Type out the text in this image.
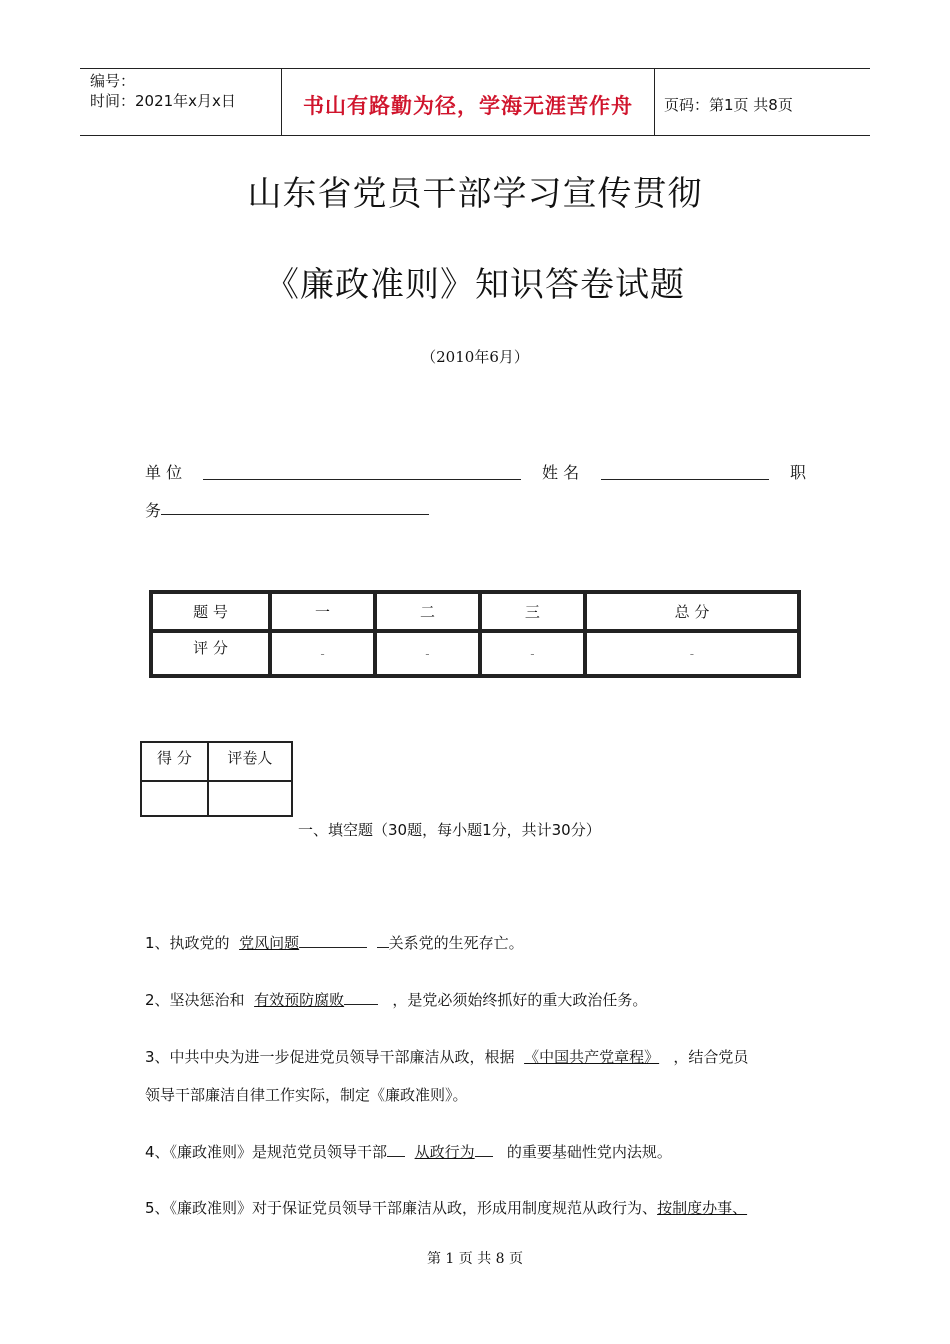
编号：
时间：2021年x月x日	书山有路勤为径，学海无涯苦作舟	页码：第1页 共8页
山东省党员干部学习宣传贯彻
《廉政准则》知识答卷试题
（2010年6月）
单 位	姓 名	职
务
题 号	一	二	三	总 分
评 分	-	-	-	-
得 分	评卷人

一、填空题（30题，每小题1分，共计30分）
1、执政党的 党风问题	关系党的生死存亡。
2、坚决惩治和 有效预防腐败	，是党必须始终抓好的重大政治任务。
3、中共中央为进一步促进党员领导干部廉洁从政，根据 《中国共产党章程》 ，结合党员
领导干部廉洁自律工作实际，制定《廉政准则》。
4、《廉政准则》是规范党员领导干部 从政行为 的重要基础性党内法规。
5、《廉政准则》对于保证党员领导干部廉洁从政，形成用制度规范从政行为、按制度办事、
第 1 页 共 8 页
